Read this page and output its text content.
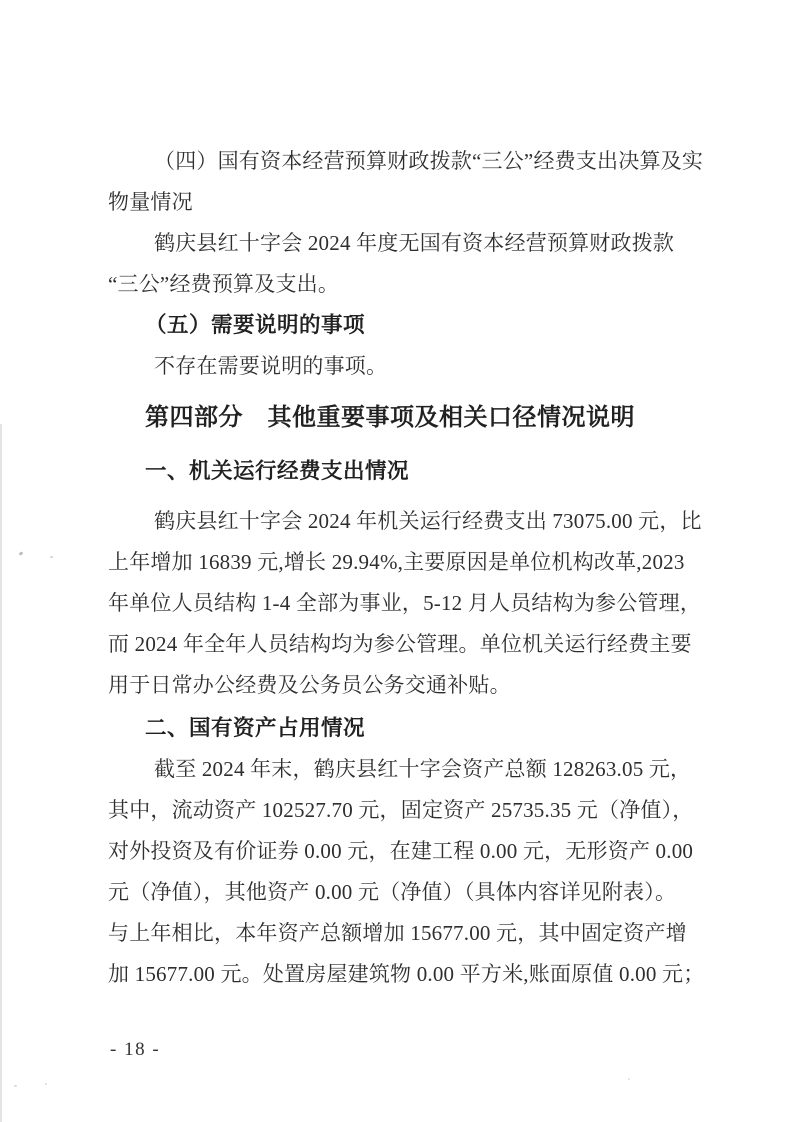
（四）国有资本经营预算财政拨款“三公”经费支出决算及实
物量情况
鹤庆县红十字会 2024 年度无国有资本经营预算财政拨款
“三公”经费预算及支出。
（五）需要说明的事项
不存在需要说明的事项。
第四部分　其他重要事项及相关口径情况说明
一、机关运行经费支出情况
鹤庆县红十字会 2024 年机关运行经费支出 73075.00 元，比
上年增加 16839 元,增长 29.94%,主要原因是单位机构改革,2023
年单位人员结构 1-4 全部为事业，5-12 月人员结构为参公管理，
而 2024 年全年人员结构均为参公管理。单位机关运行经费主要
用于日常办公经费及公务员公务交通补贴。
二、国有资产占用情况
截至 2024 年末，鹤庆县红十字会资产总额 128263.05 元，
其中，流动资产 102527.70 元，固定资产 25735.35 元（净值），
对外投资及有价证券 0.00 元，在建工程 0.00 元，无形资产 0.00
元（净值），其他资产 0.00 元（净值）（具体内容详见附表）。
与上年相比，本年资产总额增加 15677.00 元，其中固定资产增
加 15677.00 元。处置房屋建筑物 0.00 平方米,账面原值 0.00 元；
- 18 -
